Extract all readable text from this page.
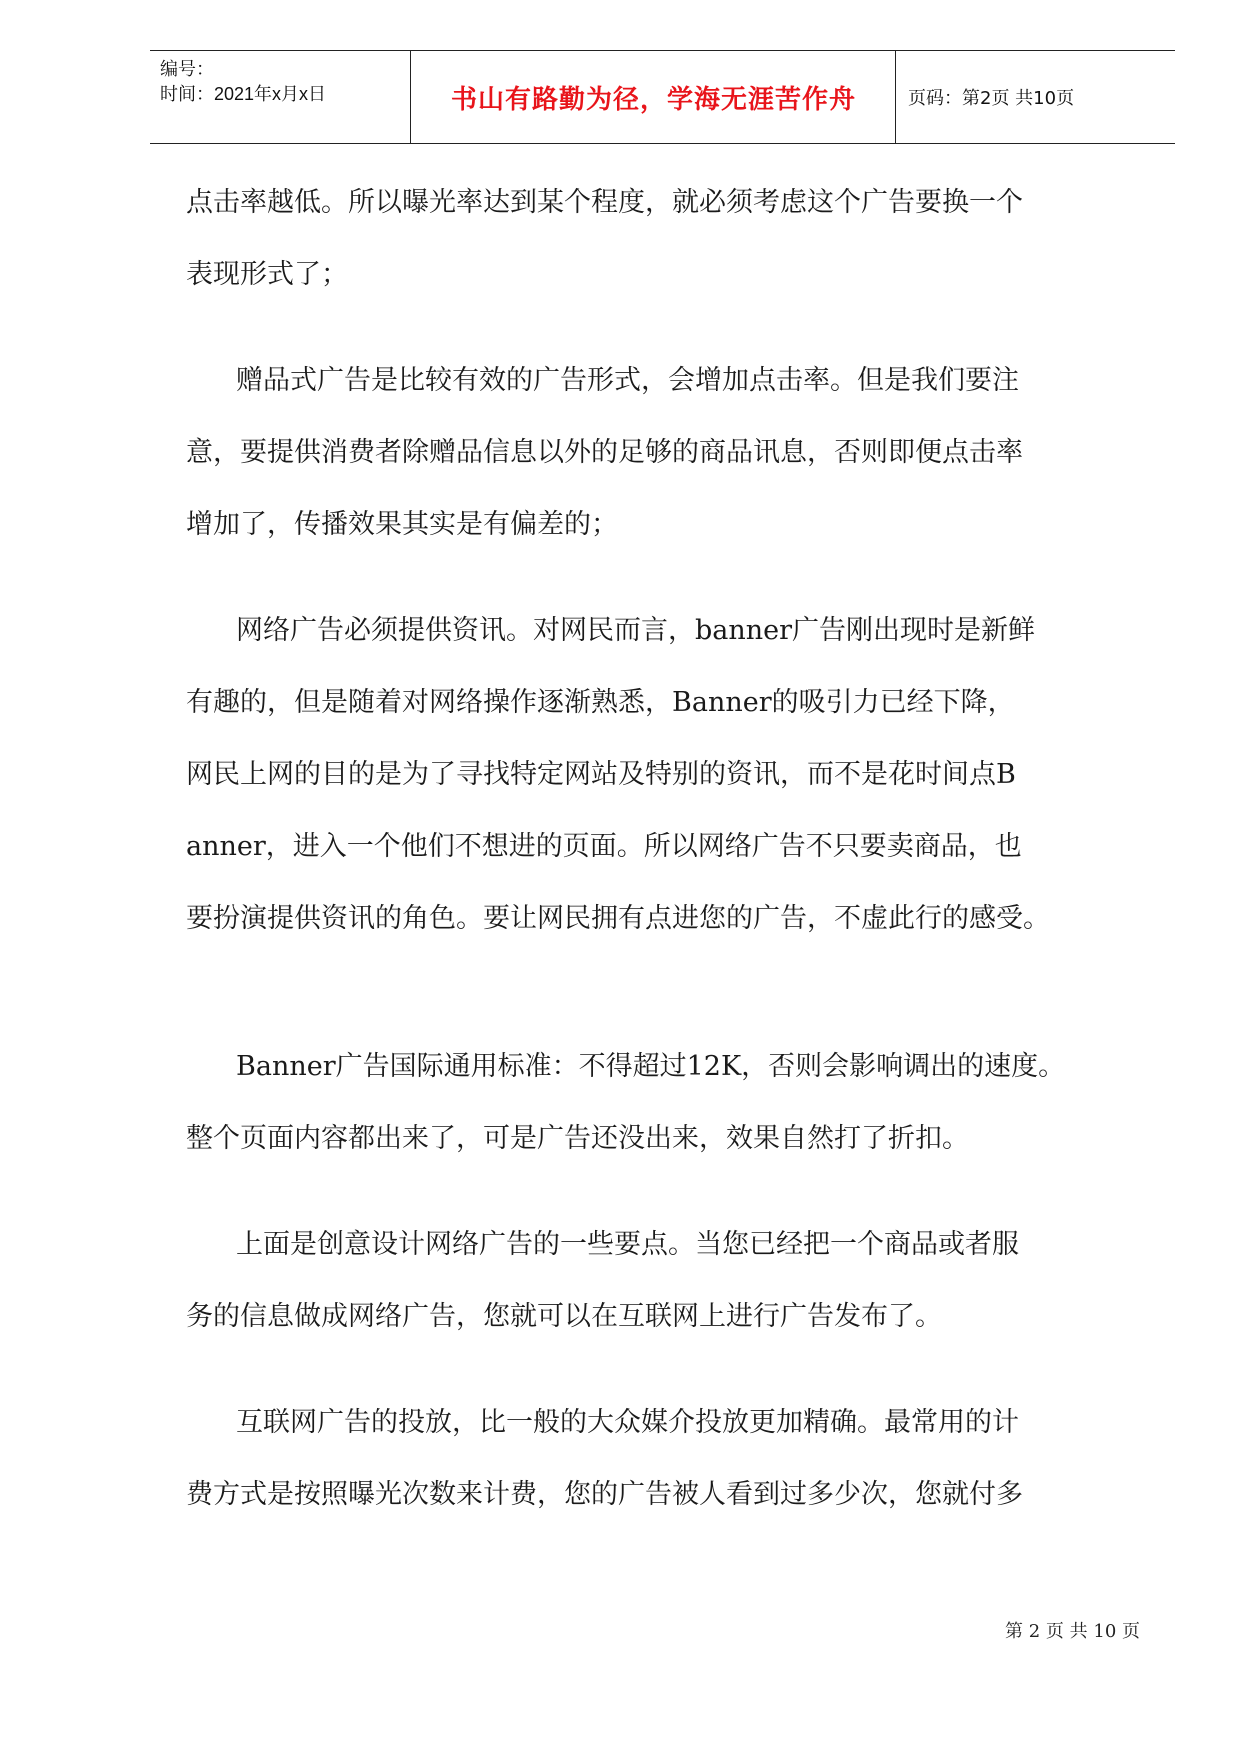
编号：
时间：2021年x月x日	书山有路勤为径，学海无涯苦作舟	页码：第2页 共10页

点击率越低。所以曝光率达到某个程度，就必须考虑这个广告要换一个

表现形式了；

赠品式广告是比较有效的广告形式，会增加点击率。但是我们要注

意，要提供消费者除赠品信息以外的足够的商品讯息，否则即便点击率

增加了，传播效果其实是有偏差的；

网络广告必须提供资讯。对网民而言，banner广告刚出现时是新鲜

有趣的，但是随着对网络操作逐渐熟悉，Banner的吸引力已经下降，

网民上网的目的是为了寻找特定网站及特别的资讯，而不是花时间点B

anner，进入一个他们不想进的页面。所以网络广告不只要卖商品，也

要扮演提供资讯的角色。要让网民拥有点进您的广告，不虚此行的感受。

Banner广告国际通用标准：不得超过12K，否则会影响调出的速度。

整个页面内容都出来了，可是广告还没出来，效果自然打了折扣。

上面是创意设计网络广告的一些要点。当您已经把一个商品或者服

务的信息做成网络广告，您就可以在互联网上进行广告发布了。

互联网广告的投放，比一般的大众媒介投放更加精确。最常用的计

费方式是按照曝光次数来计费，您的广告被人看到过多少次，您就付多

第 2 页 共 10 页
